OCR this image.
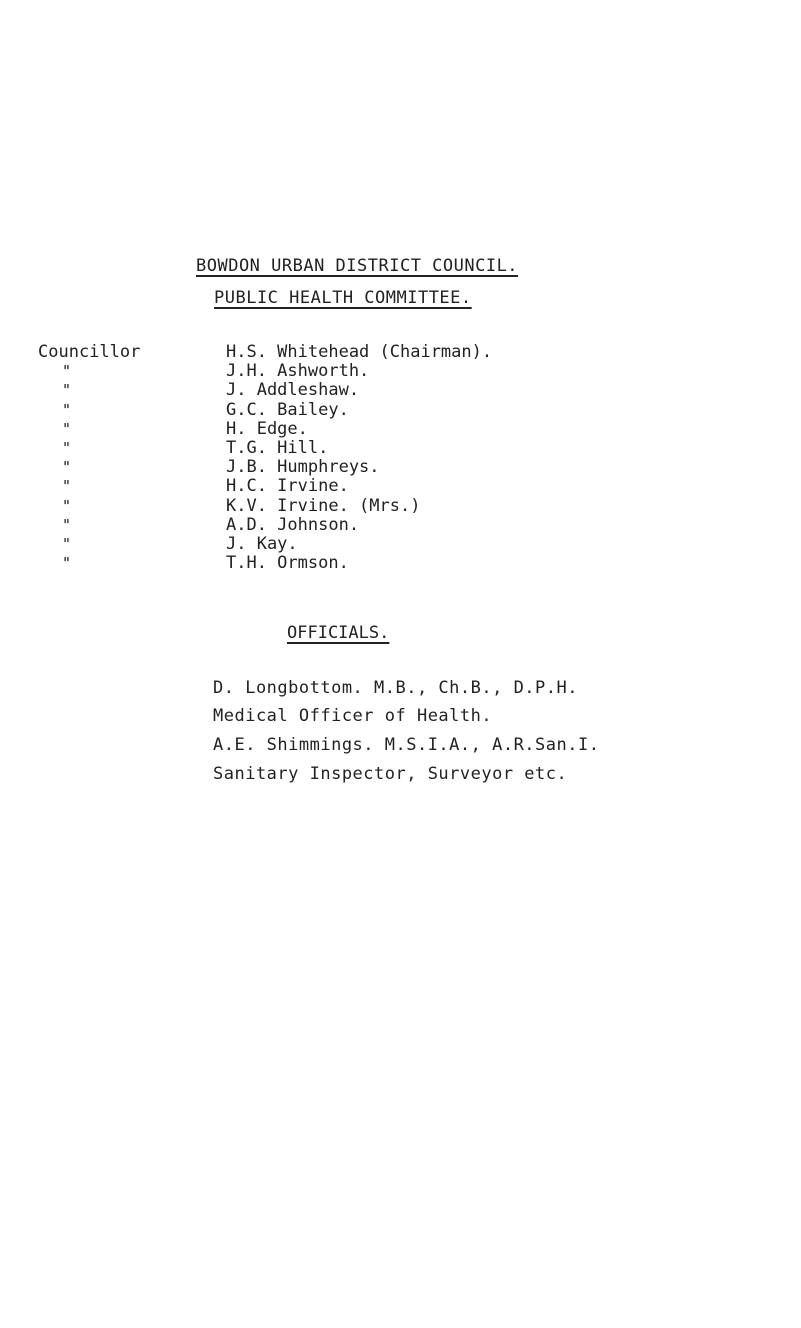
BOWDON URBAN DISTRICT COUNCIL.
PUBLIC HEALTH COMMITTEE.
Councillor	H.S. Whitehead (Chairman).
"	J.H. Ashworth.
"	J. Addleshaw.
"	G.C. Bailey.
"	H. Edge.
"	T.G. Hill.
"	J.B. Humphreys.
"	H.C. Irvine.
"	K.V. Irvine. (Mrs.)
"	A.D. Johnson.
"	J. Kay.
"	T.H. Ormson.
OFFICIALS.
D. Longbottom. M.B., Ch.B., D.P.H.
Medical Officer of Health.
A.E. Shimmings. M.S.I.A., A.R.San.I.
Sanitary Inspector, Surveyor etc.
